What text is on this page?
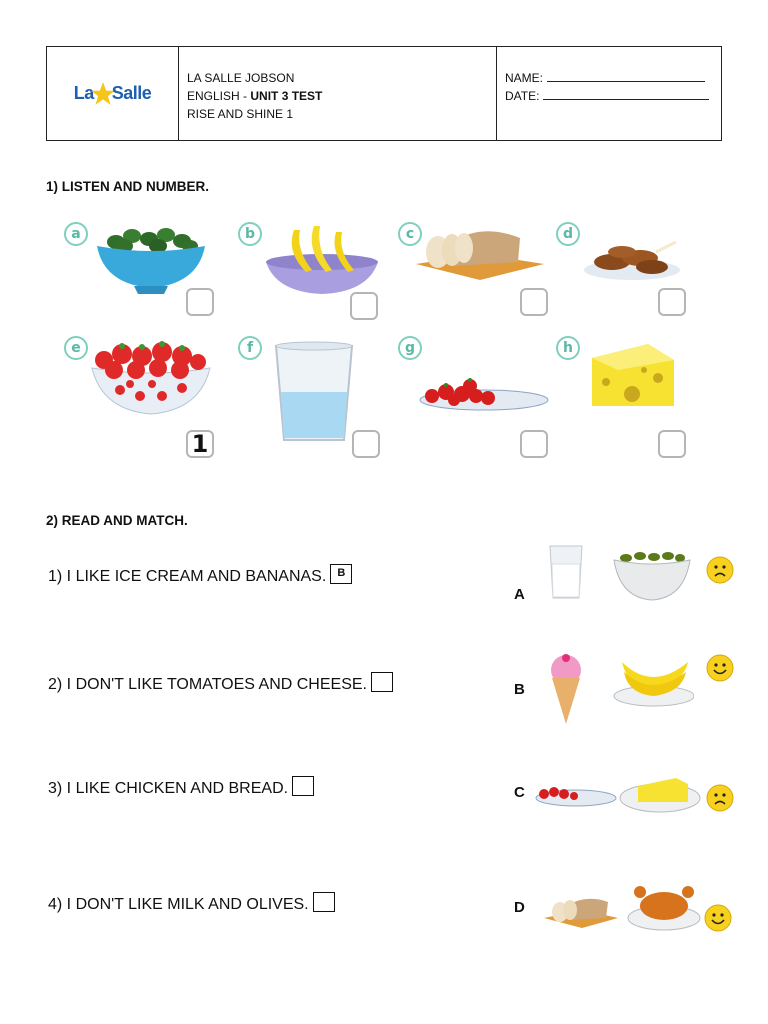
La Salle
LA SALLE JOBSON
ENGLISH - UNIT 3 TEST
RISE AND SHINE 1
NAME:
DATE:
1) LISTEN AND NUMBER.
a	b	c	d
e
1
f	g	h
2) READ AND MATCH.
1) I LIKE ICE CREAM AND BANANAS.	B
2) I DON'T LIKE TOMATOES AND CHEESE.
3) I LIKE CHICKEN AND BREAD.
4) I DON'T LIKE MILK AND OLIVES.
A
B
C
D
